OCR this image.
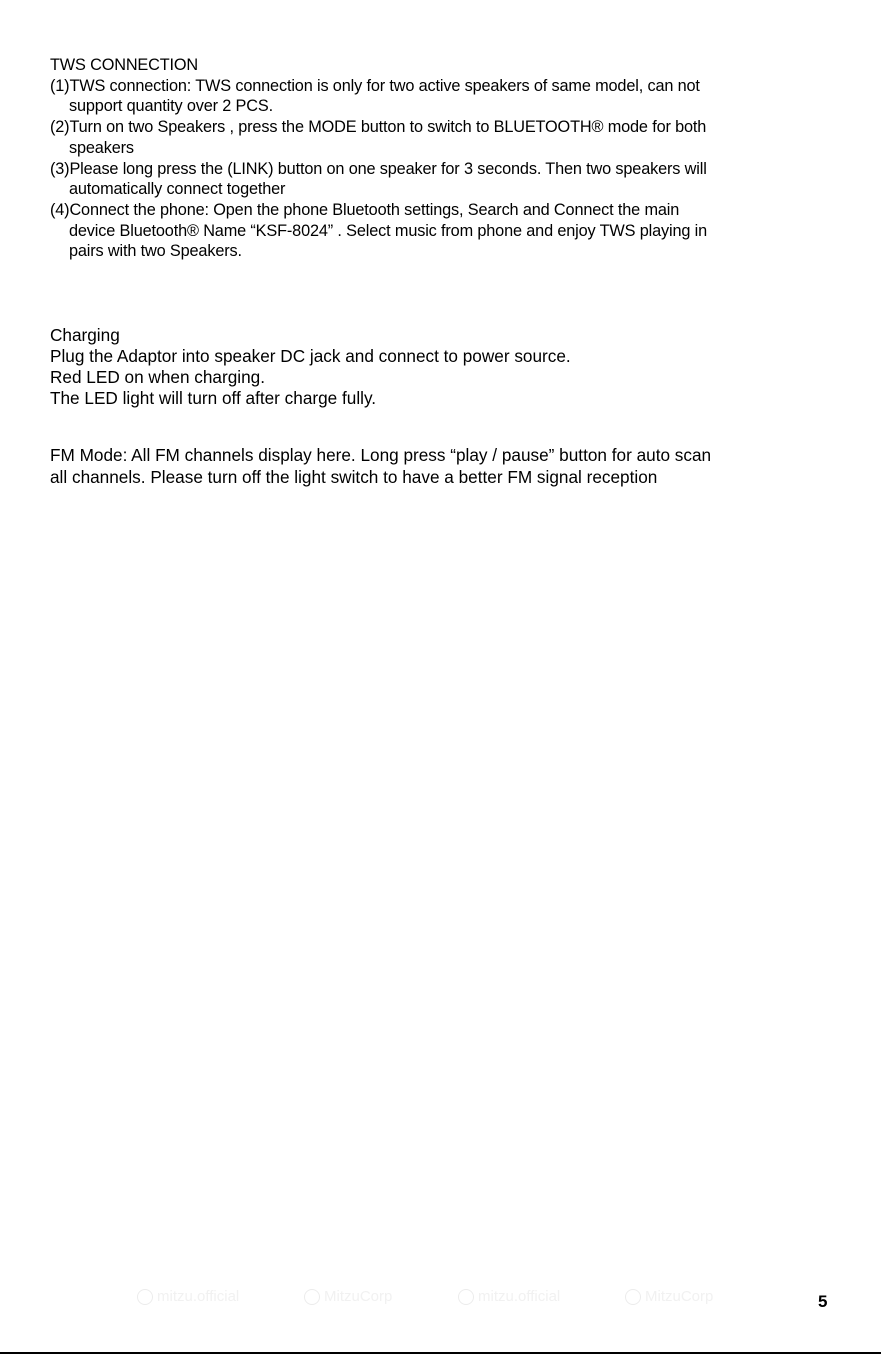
TWS CONNECTION

(1) TWS connection: TWS connection is only for two active speakers of same model, can not
support quantity over 2 PCS.
(2) Turn on two Speakers , press the MODE button to switch to BLUETOOTH® mode for both
speakers
(3) Please long press the (LINK) button on one speaker for 3 seconds. Then two speakers will
automatically connect together
(4) Connect the phone: Open the phone Bluetooth settings, Search and Connect the main
device Bluetooth® Name “KSF-8024” . Select music from phone and enjoy TWS playing in
pairs with two Speakers.

Charging

Plug the Adaptor into speaker DC jack and connect to power source.

Red LED on when charging.

The LED light will turn off after charge fully.

FM Mode: All FM channels display here. Long press “play / pause” button for auto scan

all channels. Please turn off the light switch to have a better FM signal reception

mitzu.official	MitzuCorp	mitzu.official	MitzuCorp	5
